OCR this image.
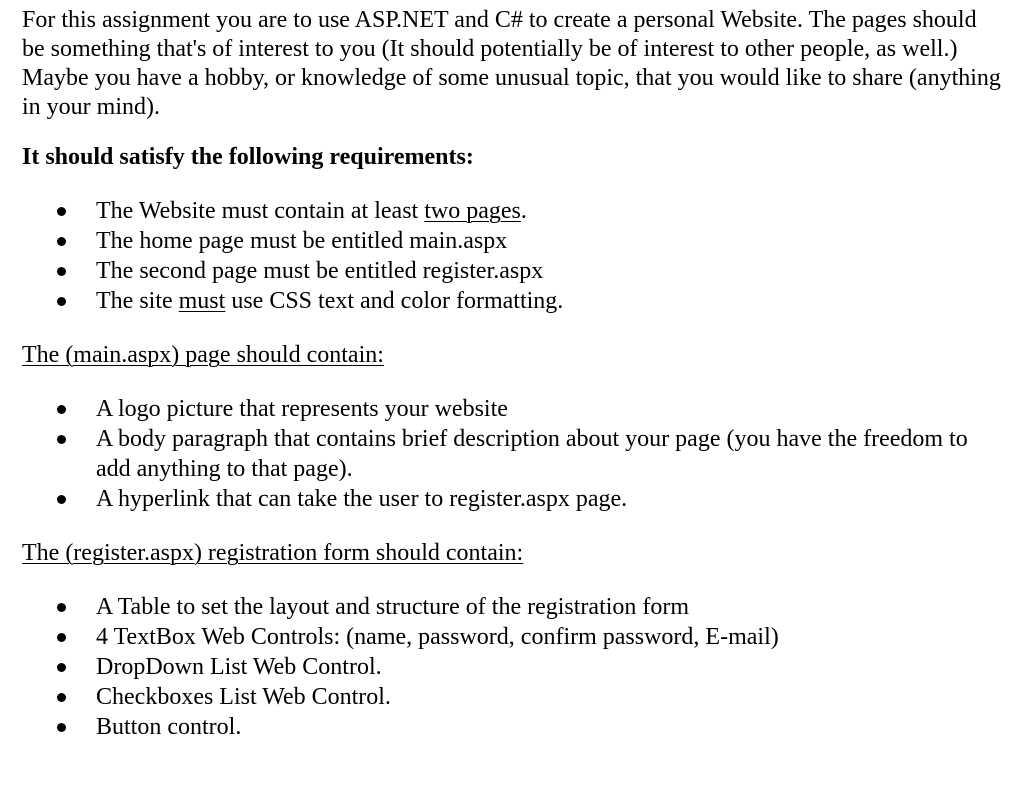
For this assignment you are to use ASP.NET and C# to create a personal Website. The pages should be something that's of interest to you (It should potentially be of interest to other people, as well.) Maybe you have a hobby, or knowledge of some unusual topic, that you would like to share (anything in your mind).

It should satisfy the following requirements:

The Website must contain at least two pages.
The home page must be entitled main.aspx
The second page must be entitled register.aspx
The site must use CSS text and color formatting.

The (main.aspx) page should contain:

A logo picture that represents your website
A body paragraph that contains brief description about your page (you have the freedom to add anything to that page).
A hyperlink that can take the user to register.aspx page.

The (register.aspx) registration form should contain:

A Table to set the layout and structure of the registration form
4 TextBox Web Controls: (name, password, confirm password, E-mail)
DropDown List Web Control.
Checkboxes List Web Control.
Button control.
